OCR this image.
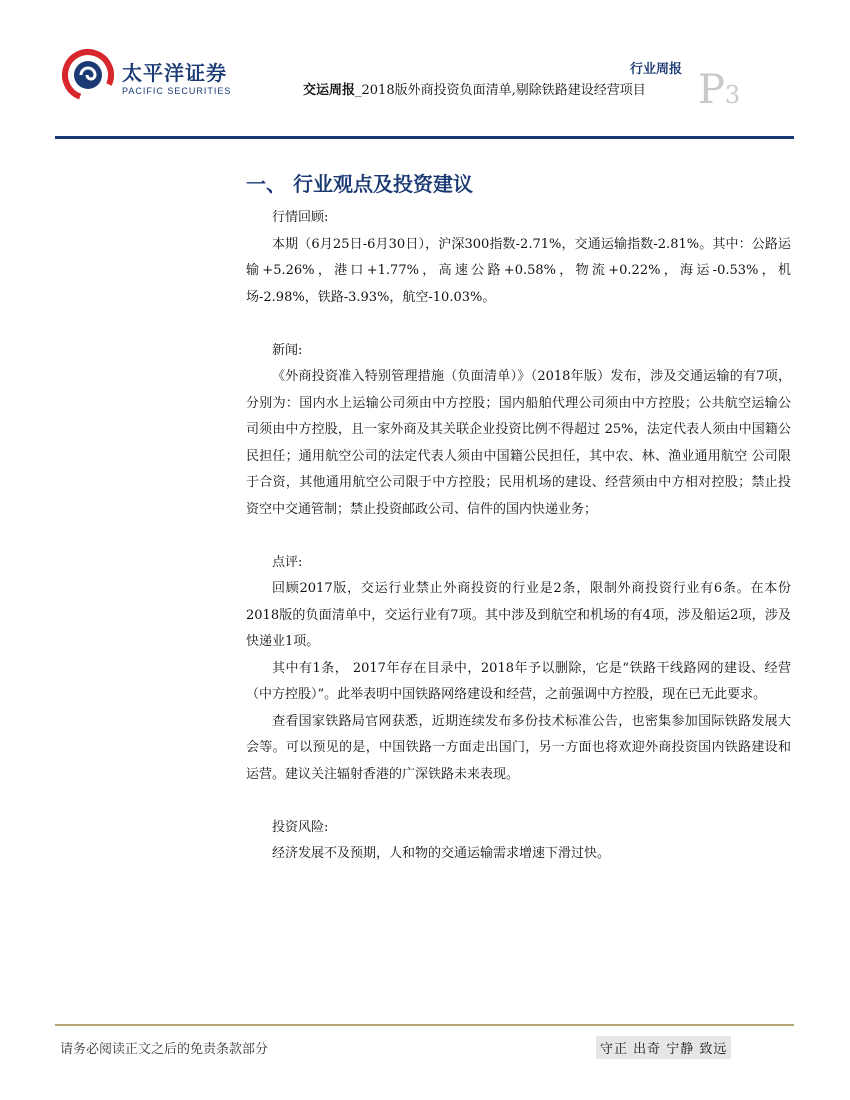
太平洋证券
PACIFIC SECURITIES
行业周报
交运周报_2018版外商投资负面清单,剔除铁路建设经营项目 P3
一、 行业观点及投资建议

行情回顾:

本期（6月25日-6月30日），沪深300指数-2.71%，交通运输指数-2.81%。其中：公路运输+5.26%，港口+1.77%，高速公路+0.58%，物流+0.22%，海运-0.53%，机场-2.98%，铁路-3.93%，航空-10.03%。

新闻:

《外商投资准入特别管理措施（负面清单）》（2018年版）发布，涉及交通运输的有7项，分别为：国内水上运输公司须由中方控股；国内船舶代理公司须由中方控股；公共航空运输公司须由中方控股，且一家外商及其关联企业投资比例不得超过 25%，法定代表人须由中国籍公民担任；通用航空公司的法定代表人须由中国籍公民担任，其中农、林、渔业通用航空 公司限于合资，其他通用航空公司限于中方控股；民用机场的建设、经营须由中方相对控股；禁止投资空中交通管制；禁止投资邮政公司、信件的国内快递业务；

点评:

回顾2017版，交运行业禁止外商投资的行业是2条，限制外商投资行业有6条。在本份2018版的负面清单中，交运行业有7项。其中涉及到航空和机场的有4项，涉及船运2项，涉及快递业1项。

其中有1条， 2017年存在目录中，2018年予以删除，它是“铁路干线路网的建设、经营（中方控股）”。此举表明中国铁路网络建设和经营，之前强调中方控股，现在已无此要求。

查看国家铁路局官网获悉，近期连续发布多份技术标准公告，也密集参加国际铁路发展大会等。可以预见的是，中国铁路一方面走出国门，另一方面也将欢迎外商投资国内铁路建设和运营。建议关注辐射香港的广深铁路未来表现。

投资风险:

经济发展不及预期，人和物的交通运输需求增速下滑过快。

请务必阅读正文之后的免责条款部分	守正 出奇 宁静 致远
